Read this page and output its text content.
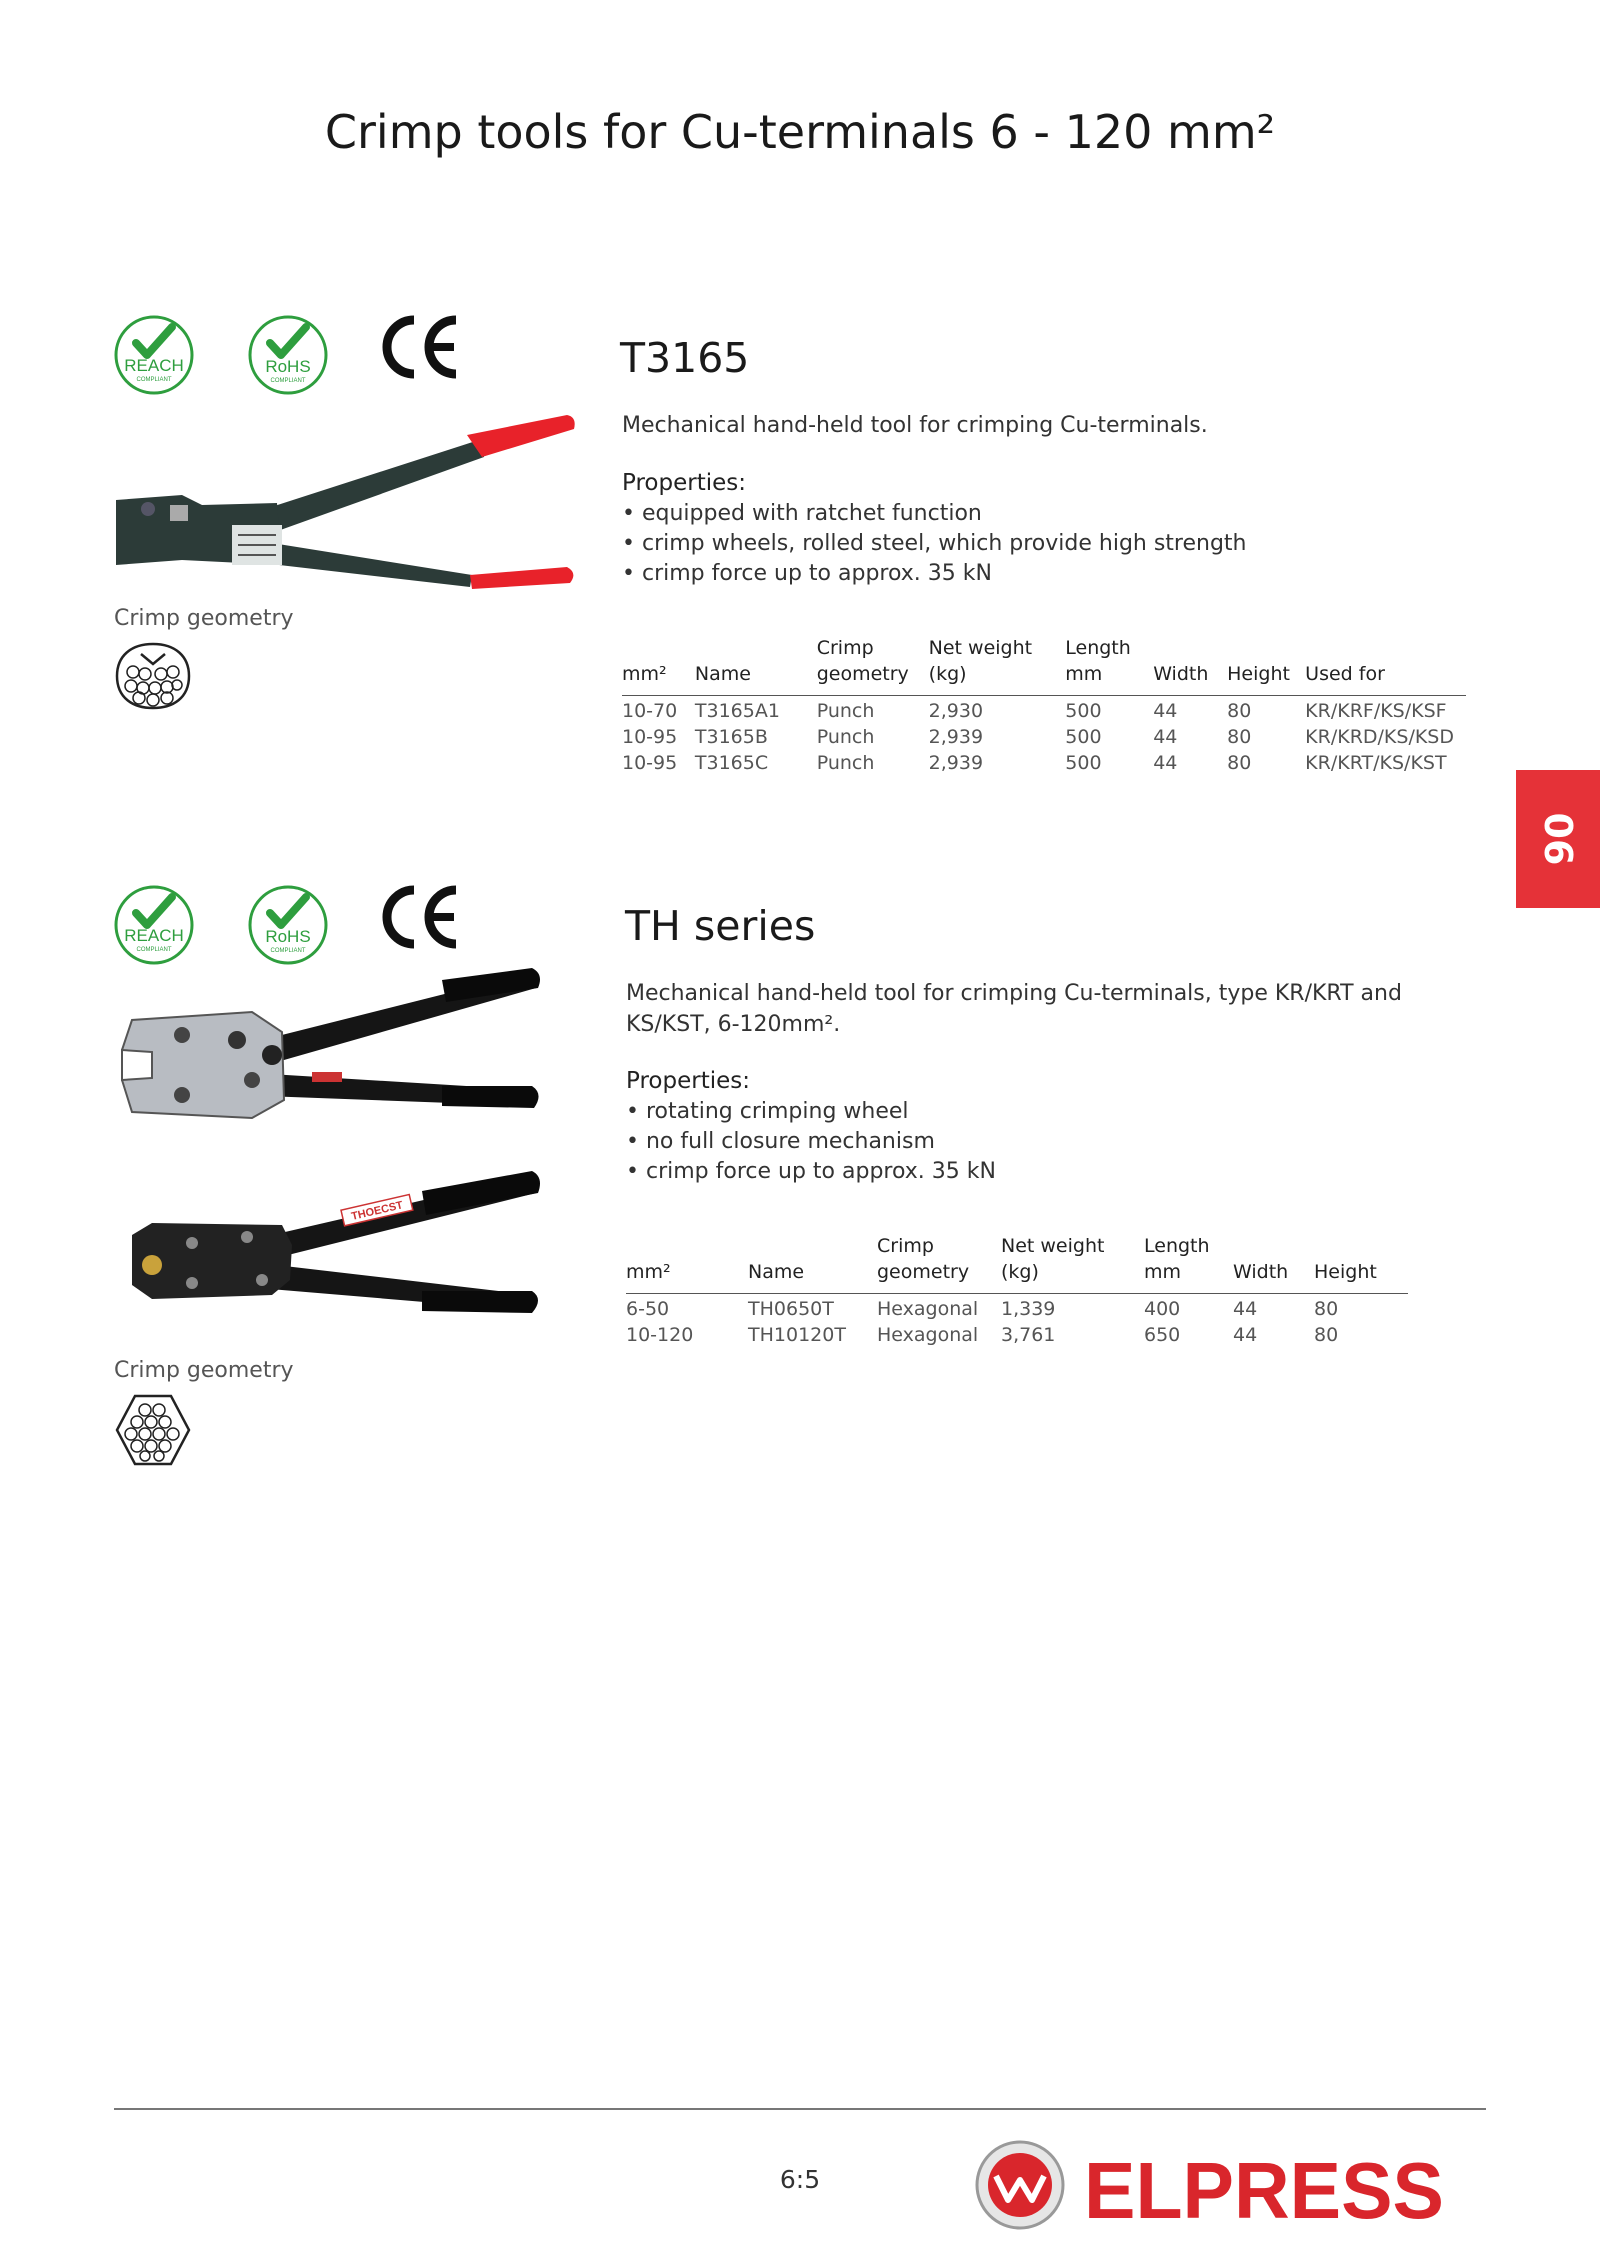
Crimp tools for Cu-terminals 6 - 120 mm²
REACH
COMPLIANT
RoHS
COMPLIANT
Crimp geometry
T3165
Mechanical hand-held tool for crimping Cu-terminals.
Properties:
• equipped with ratchet function
• crimp wheels, rolled steel, which provide high strength
• crimp force up to approx. 35 kN
mm²	Name	Crimp geometry	Net weight (kg)	Length mm	Width	Height	Used for
10-70	T3165A1	Punch	2,930	500	44	80	KR/KRF/KS/KSF
10-95	T3165B	Punch	2,939	500	44	80	KR/KRD/KS/KSD
10-95	T3165C	Punch	2,939	500	44	80	KR/KRT/KS/KST
06
REACH
COMPLIANT
RoHS
COMPLIANT
THOECST
Crimp geometry
TH series
Mechanical hand-held tool for crimping Cu-terminals, type KR/KRT and KS/KST, 6-120mm².
Properties:
• rotating crimping wheel
• no full closure mechanism
• crimp force up to approx. 35 kN
mm²	Name	Crimp geometry	Net weight (kg)	Length mm	Width	Height
6-50	TH0650T	Hexagonal	1,339	400	44	80
10-120	TH10120T	Hexagonal	3,761	650	44	80
6:5	ELPRESS
